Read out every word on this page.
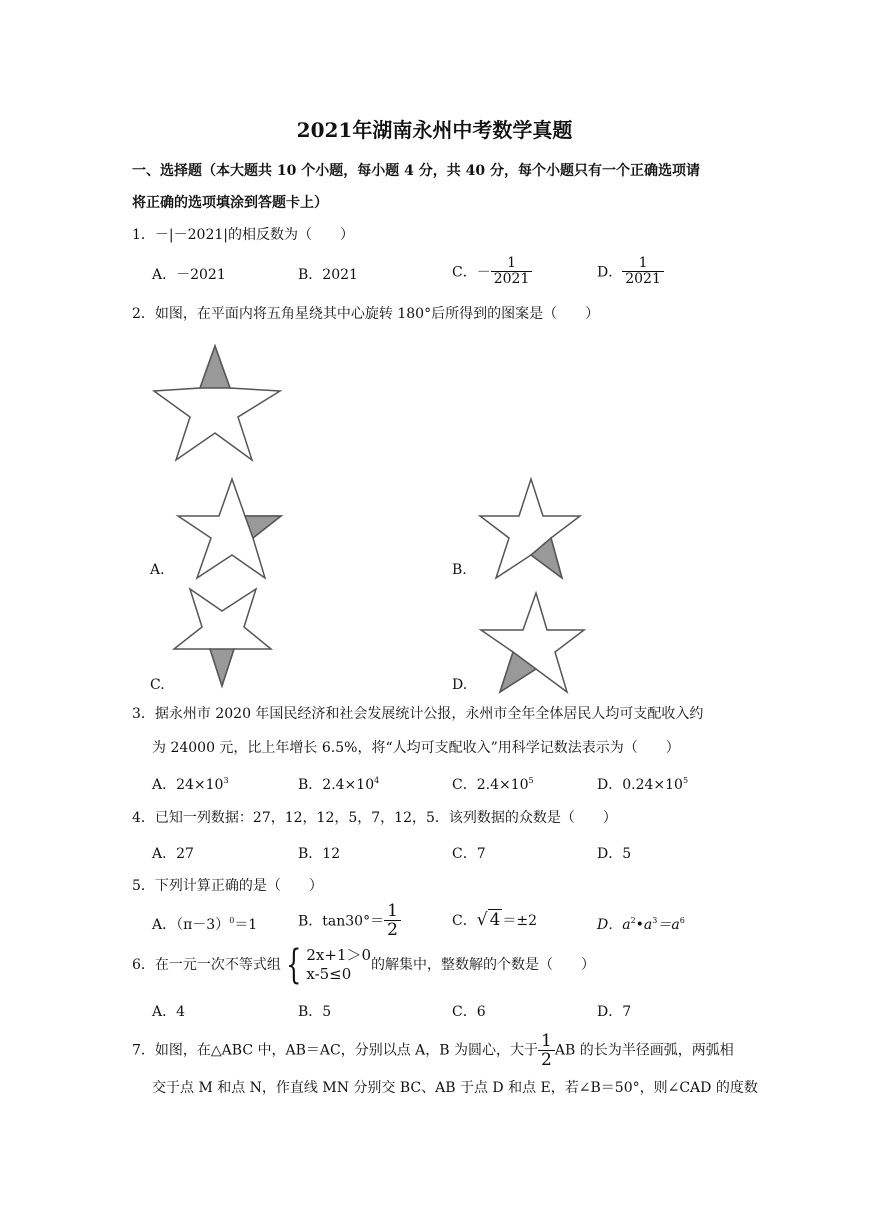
2021年湖南永州中考数学真题
一、选择题（本大题共 10 个小题，每小题 4 分，共 40 分，每个小题只有一个正确选项请
将正确的选项填涂到答题卡上）
1．－|－2021|的相反数为（　　）
A．－2021	B．2021	C．－ $\frac{1}{2021}$	D． $\frac{1}{2021}$
2．如图，在平面内将五角星绕其中心旋转 180°后所得到的图案是（　　）
A.	B.
C.	D.
3．据永州市 2020 年国民经济和社会发展统计公报，永州市全年全体居民人均可支配收入约
为 24000 元，比上年增长 6.5%，将“人均可支配收入”用科学记数法表示为（　　）
A．$24\times 10^3$	B．$2.4\times 10^4$	C．$2.4\times 10^5$	D．$0.24\times 10^5$
4．已知一列数据：27，12，12，5，7，12，5．该列数据的众数是（　　）
A．27	B．12	C．7	D．5
5．下列计算正确的是（　　）
A．$(\pi-3)^0=1$	B．$\tan 30^\circ= \frac{1}{2}$	C．√ 4 ＝±2	D．$a^2•a^3=a^6$
6．在一元一次不等式组 { 2x+1＞0
x-5≤0	的解集中，整数解的个数是（　　）
A．4	B．5	C．6	D．7
7．如图，在△ABC 中，AB＝AC，分别以点 A，B 为圆心，大于 $\frac{1}{2}$ AB 的长为半径画弧，两弧相
交于点 M 和点 N，作直线 MN 分别交 BC、AB 于点 D 和点 E，若∠B＝50°，则∠CAD 的度数
